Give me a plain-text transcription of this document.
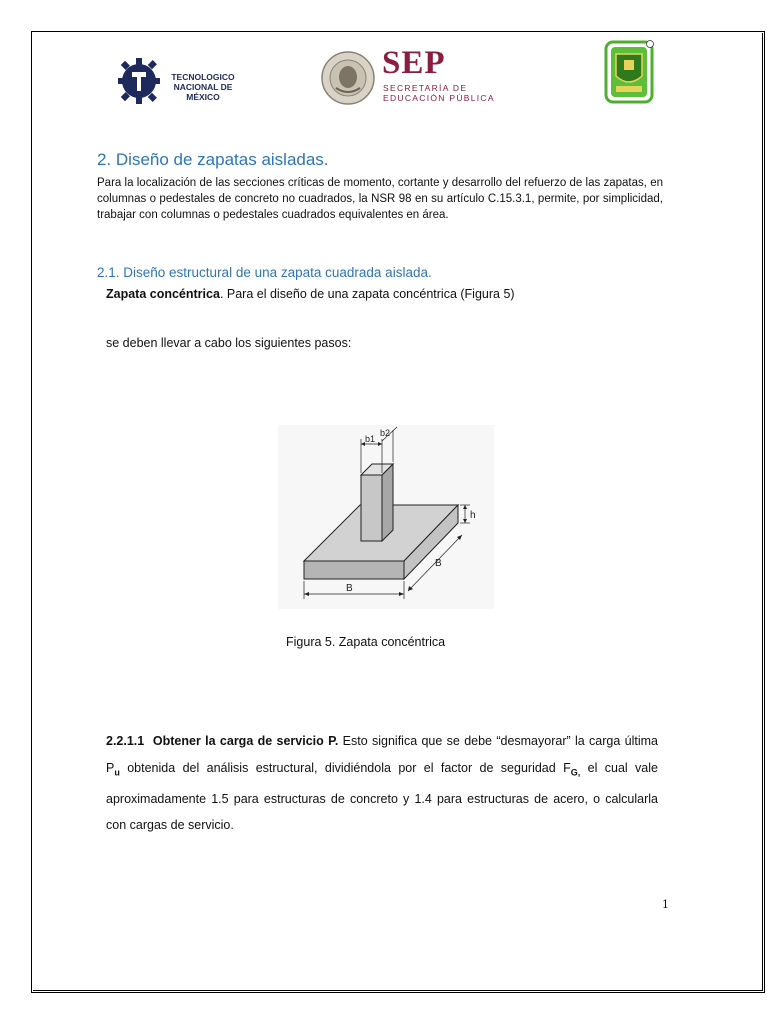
TECNOLOGICO
NACIONAL DE MÉXICO
SEP
SECRETARÍA DE
EDUCACIÓN PÚBLICA
2. Diseño de zapatas aisladas.

Para la localización de las secciones críticas de momento, cortante y desarrollo del refuerzo de las zapatas, en columnas o pedestales de concreto no cuadrados, la NSR 98 en su artículo C.15.3.1, permite, por simplicidad, trabajar con columnas o pedestales cuadrados equivalentes en área.

2.1. Diseño estructural de una zapata cuadrada aislada.
Zapata concéntrica. Para el diseño de una zapata concéntrica (Figura 5)
se deben llevar a cabo los siguientes pasos:
b1
b2
h
B
B
Figura 5. Zapata concéntrica

2.2.1.1 Obtener la carga de servicio P. Esto significa que se debe “desmayorar” la carga última $P_u$ obtenida del análisis estructural, dividiéndola por el factor de seguridad $F_{G,}$ el cual vale aproximadamente 1.5 para estructuras de concreto y 1.4 para estructuras de acero, o calcularla con cargas de servicio.

1
